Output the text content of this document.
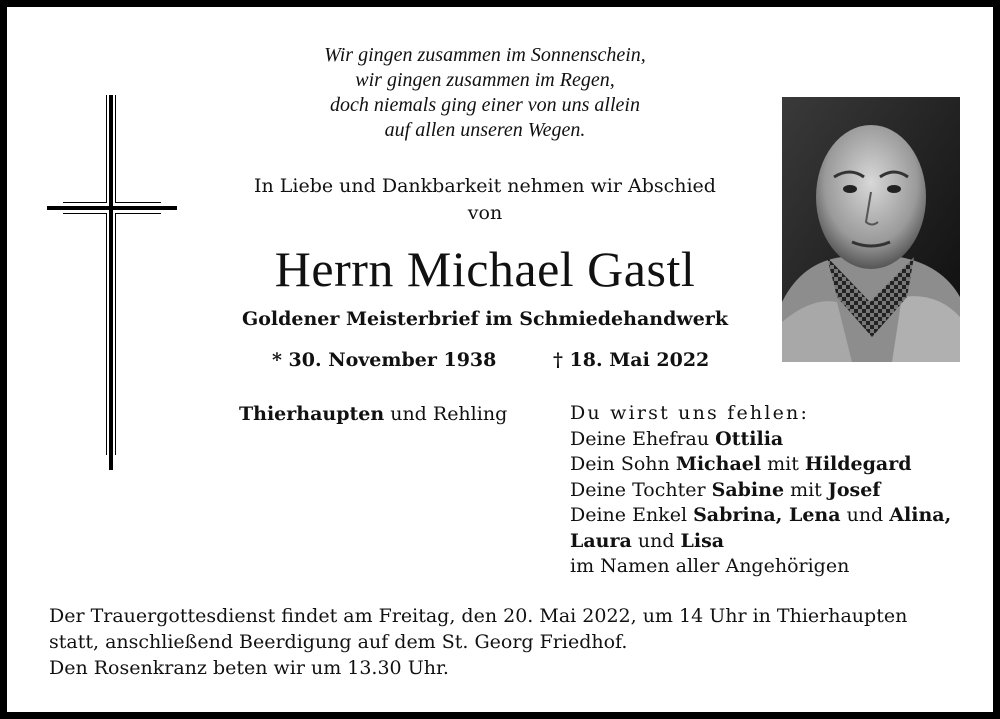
Wir gingen zusammen im Sonnenschein,
wir gingen zusammen im Regen,
doch niemals ging einer von uns allein
auf allen unseren Wegen.
In Liebe und Dankbarkeit nehmen wir Abschied
von
Herrn Michael Gastl
Goldener Meisterbrief im Schmiedehandwerk
* 30. November 1938	† 18. Mai 2022
Thierhaupten und Rehling	Du wirst uns fehlen:
Deine Ehefrau Ottilia
Dein Sohn Michael mit Hildegard
Deine Tochter Sabine mit Josef
Deine Enkel Sabrina, Lena und Alina,
Laura und Lisa
im Namen aller Angehörigen
Der Trauergottesdienst findet am Freitag, den 20. Mai 2022, um 14 Uhr in Thierhaupten
statt, anschließend Beerdigung auf dem St. Georg Friedhof.
Den Rosenkranz beten wir um 13.30 Uhr.
